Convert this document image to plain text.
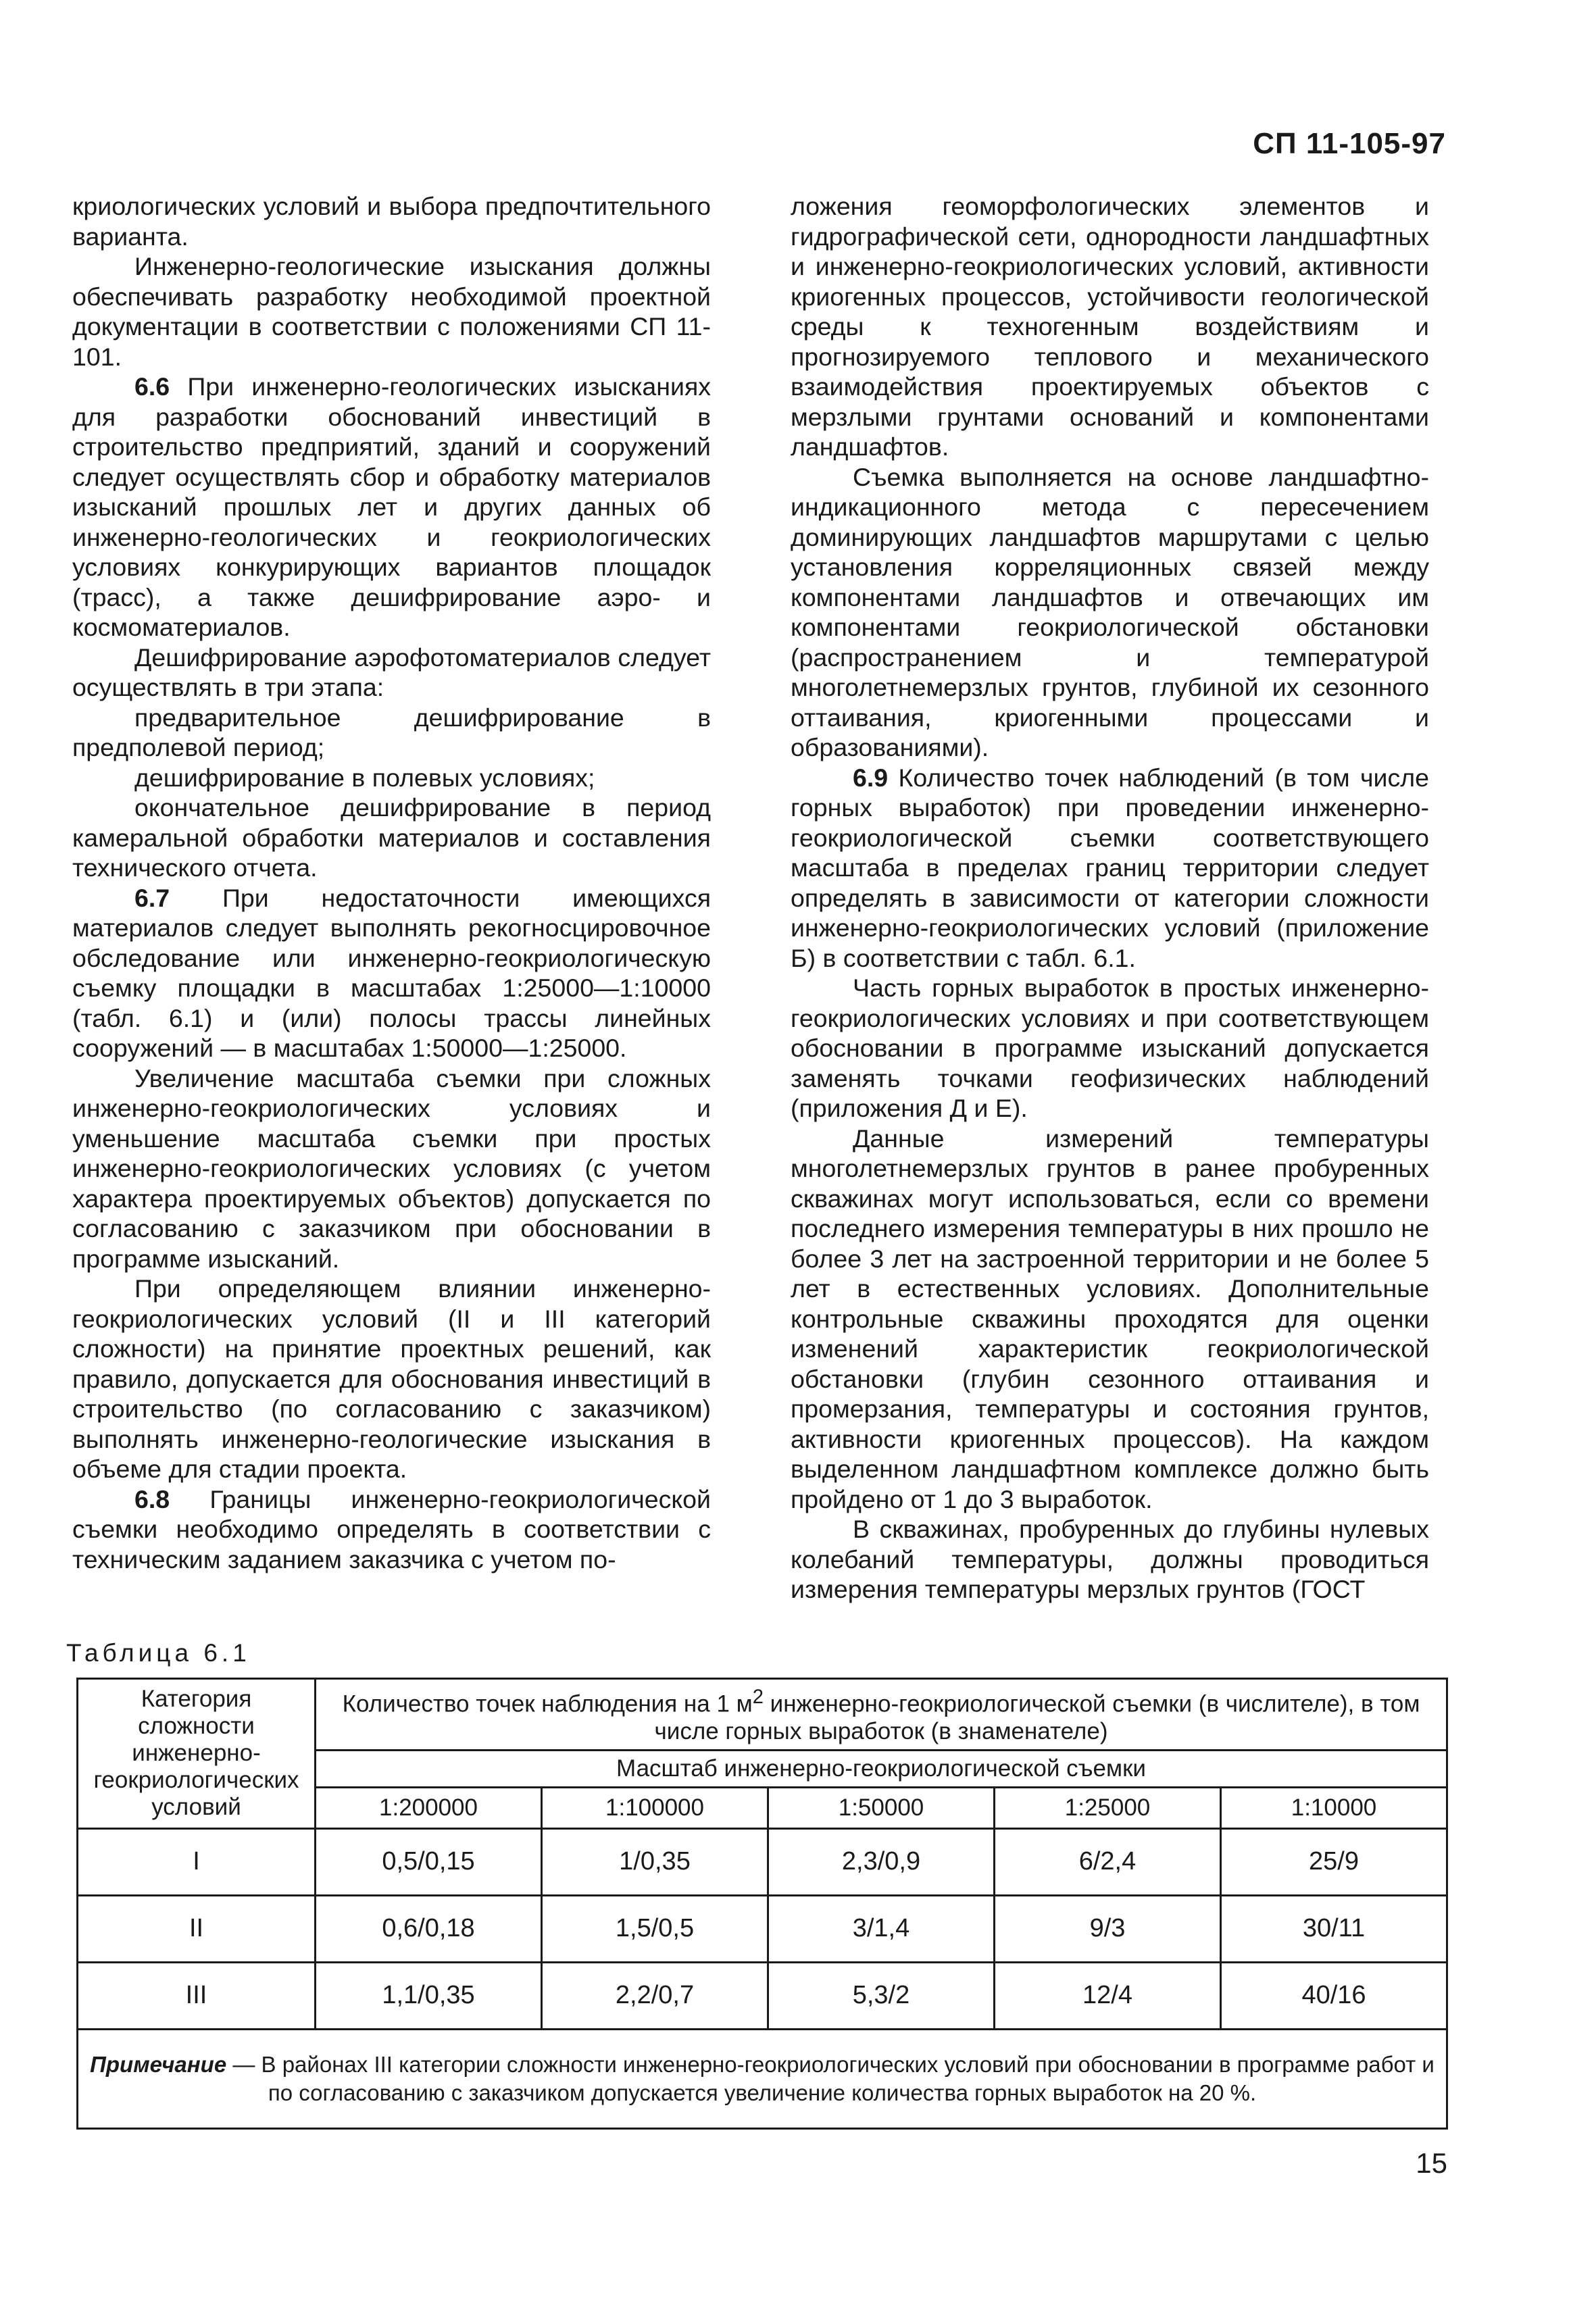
СП 11-105-97

криологических условий и выбора предпочтительного варианта.

Инженерно-геологические изыскания должны обеспечивать разработку необходимой проектной документации в соответствии с положениями СП 11-101.

6.6 При инженерно-геологических изысканиях для разработки обоснований инвестиций в строительство предприятий, зданий и сооружений следует осуществлять сбор и обработку материалов изысканий прошлых лет и других данных об инженерно-геологических и геокриологических условиях конкурирующих вариантов площадок (трасс), а также дешифрирование аэро- и космоматериалов.

Дешифрирование аэрофотоматериалов следует осуществлять в три этапа:

предварительное дешифрирование в предполевой период;

дешифрирование в полевых условиях;

окончательное дешифрирование в период камеральной обработки материалов и составления технического отчета.

6.7 При недостаточности имеющихся материалов следует выполнять рекогносцировочное обследование или инженерно-геокриологическую съемку площадки в масштабах 1:25000—1:10000 (табл. 6.1) и (или) полосы трассы линейных сооружений — в масштабах 1:50000—1:25000.

Увеличение масштаба съемки при сложных инженерно-геокриологических условиях и уменьшение масштаба съемки при простых инженерно-геокриологических условиях (с учетом характера проектируемых объектов) допускается по согласованию с заказчиком при обосновании в программе изысканий.

При определяющем влиянии инженерно-геокриологических условий (II и III категорий сложности) на принятие проектных решений, как правило, допускается для обоснования инвестиций в строительство (по согласованию с заказчиком) выполнять инженерно-геологические изыскания в объеме для стадии проекта.

6.8 Границы инженерно-геокриологической съемки необходимо определять в соответствии с техническим заданием заказчика с учетом по-

ложения геоморфологических элементов и гидрографической сети, однородности ландшафтных и инженерно-геокриологических условий, активности криогенных процессов, устойчивости геологической среды к техногенным воздействиям и прогнозируемого теплового и механического взаимодействия проектируемых объектов с мерзлыми грунтами оснований и компонентами ландшафтов.

Съемка выполняется на основе ландшафтно-индикационного метода с пересечением доминирующих ландшафтов маршрутами с целью установления корреляционных связей между компонентами ландшафтов и отвечающих им компонентами геокриологической обстановки (распространением и температурой многолетнемерзлых грунтов, глубиной их сезонного оттаивания, криогенными процессами и образованиями).

6.9 Количество точек наблюдений (в том числе горных выработок) при проведении инженерно-геокриологической съемки соответствующего масштаба в пределах границ территории следует определять в зависимости от категории сложности инженерно-геокриологических условий (приложение Б) в соответствии с табл. 6.1.

Часть горных выработок в простых инженерно-геокриологических условиях и при соответствующем обосновании в программе изысканий допускается заменять точками геофизических наблюдений (приложения Д и Е).

Данные измерений температуры многолетнемерзлых грунтов в ранее пробуренных скважинах могут использоваться, если со времени последнего измерения температуры в них прошло не более 3 лет на застроенной территории и не более 5 лет в естественных условиях. Дополнительные контрольные скважины проходятся для оценки изменений характеристик геокриологической обстановки (глубин сезонного оттаивания и промерзания, температуры и состояния грунтов, активности криогенных процессов). На каждом выделенном ландшафтном комплексе должно быть пройдено от 1 до 3 выработок.

В скважинах, пробуренных до глубины нулевых колебаний температуры, должны проводиться измерения температуры мерзлых грунтов (ГОСТ

Таблица 6.1
Категория сложности инженерно-геокриологических условий	Количество точек наблюдения на 1 $м^2$ инженерно-геокриологической съемки (в числителе), в том числе горных выработок (в знаменателе)				
	Масштаб инженерно-геокриологической съемки				
	1:200000	1:100000	1:50000	1:25000	1:10000
I	0,5/0,15	1/0,35	2,3/0,9	6/2,4	25/9
II	0,6/0,18	1,5/0,5	3/1,4	9/3	30/11
III	1,1/0,35	2,2/0,7	5,3/2	12/4	40/16
Примечание — В районах III категории сложности инженерно-геокриологических условий при обосновании в программе работ и по согласованию с заказчиком допускается увеличение количества горных выработок на 20 %.					
15
